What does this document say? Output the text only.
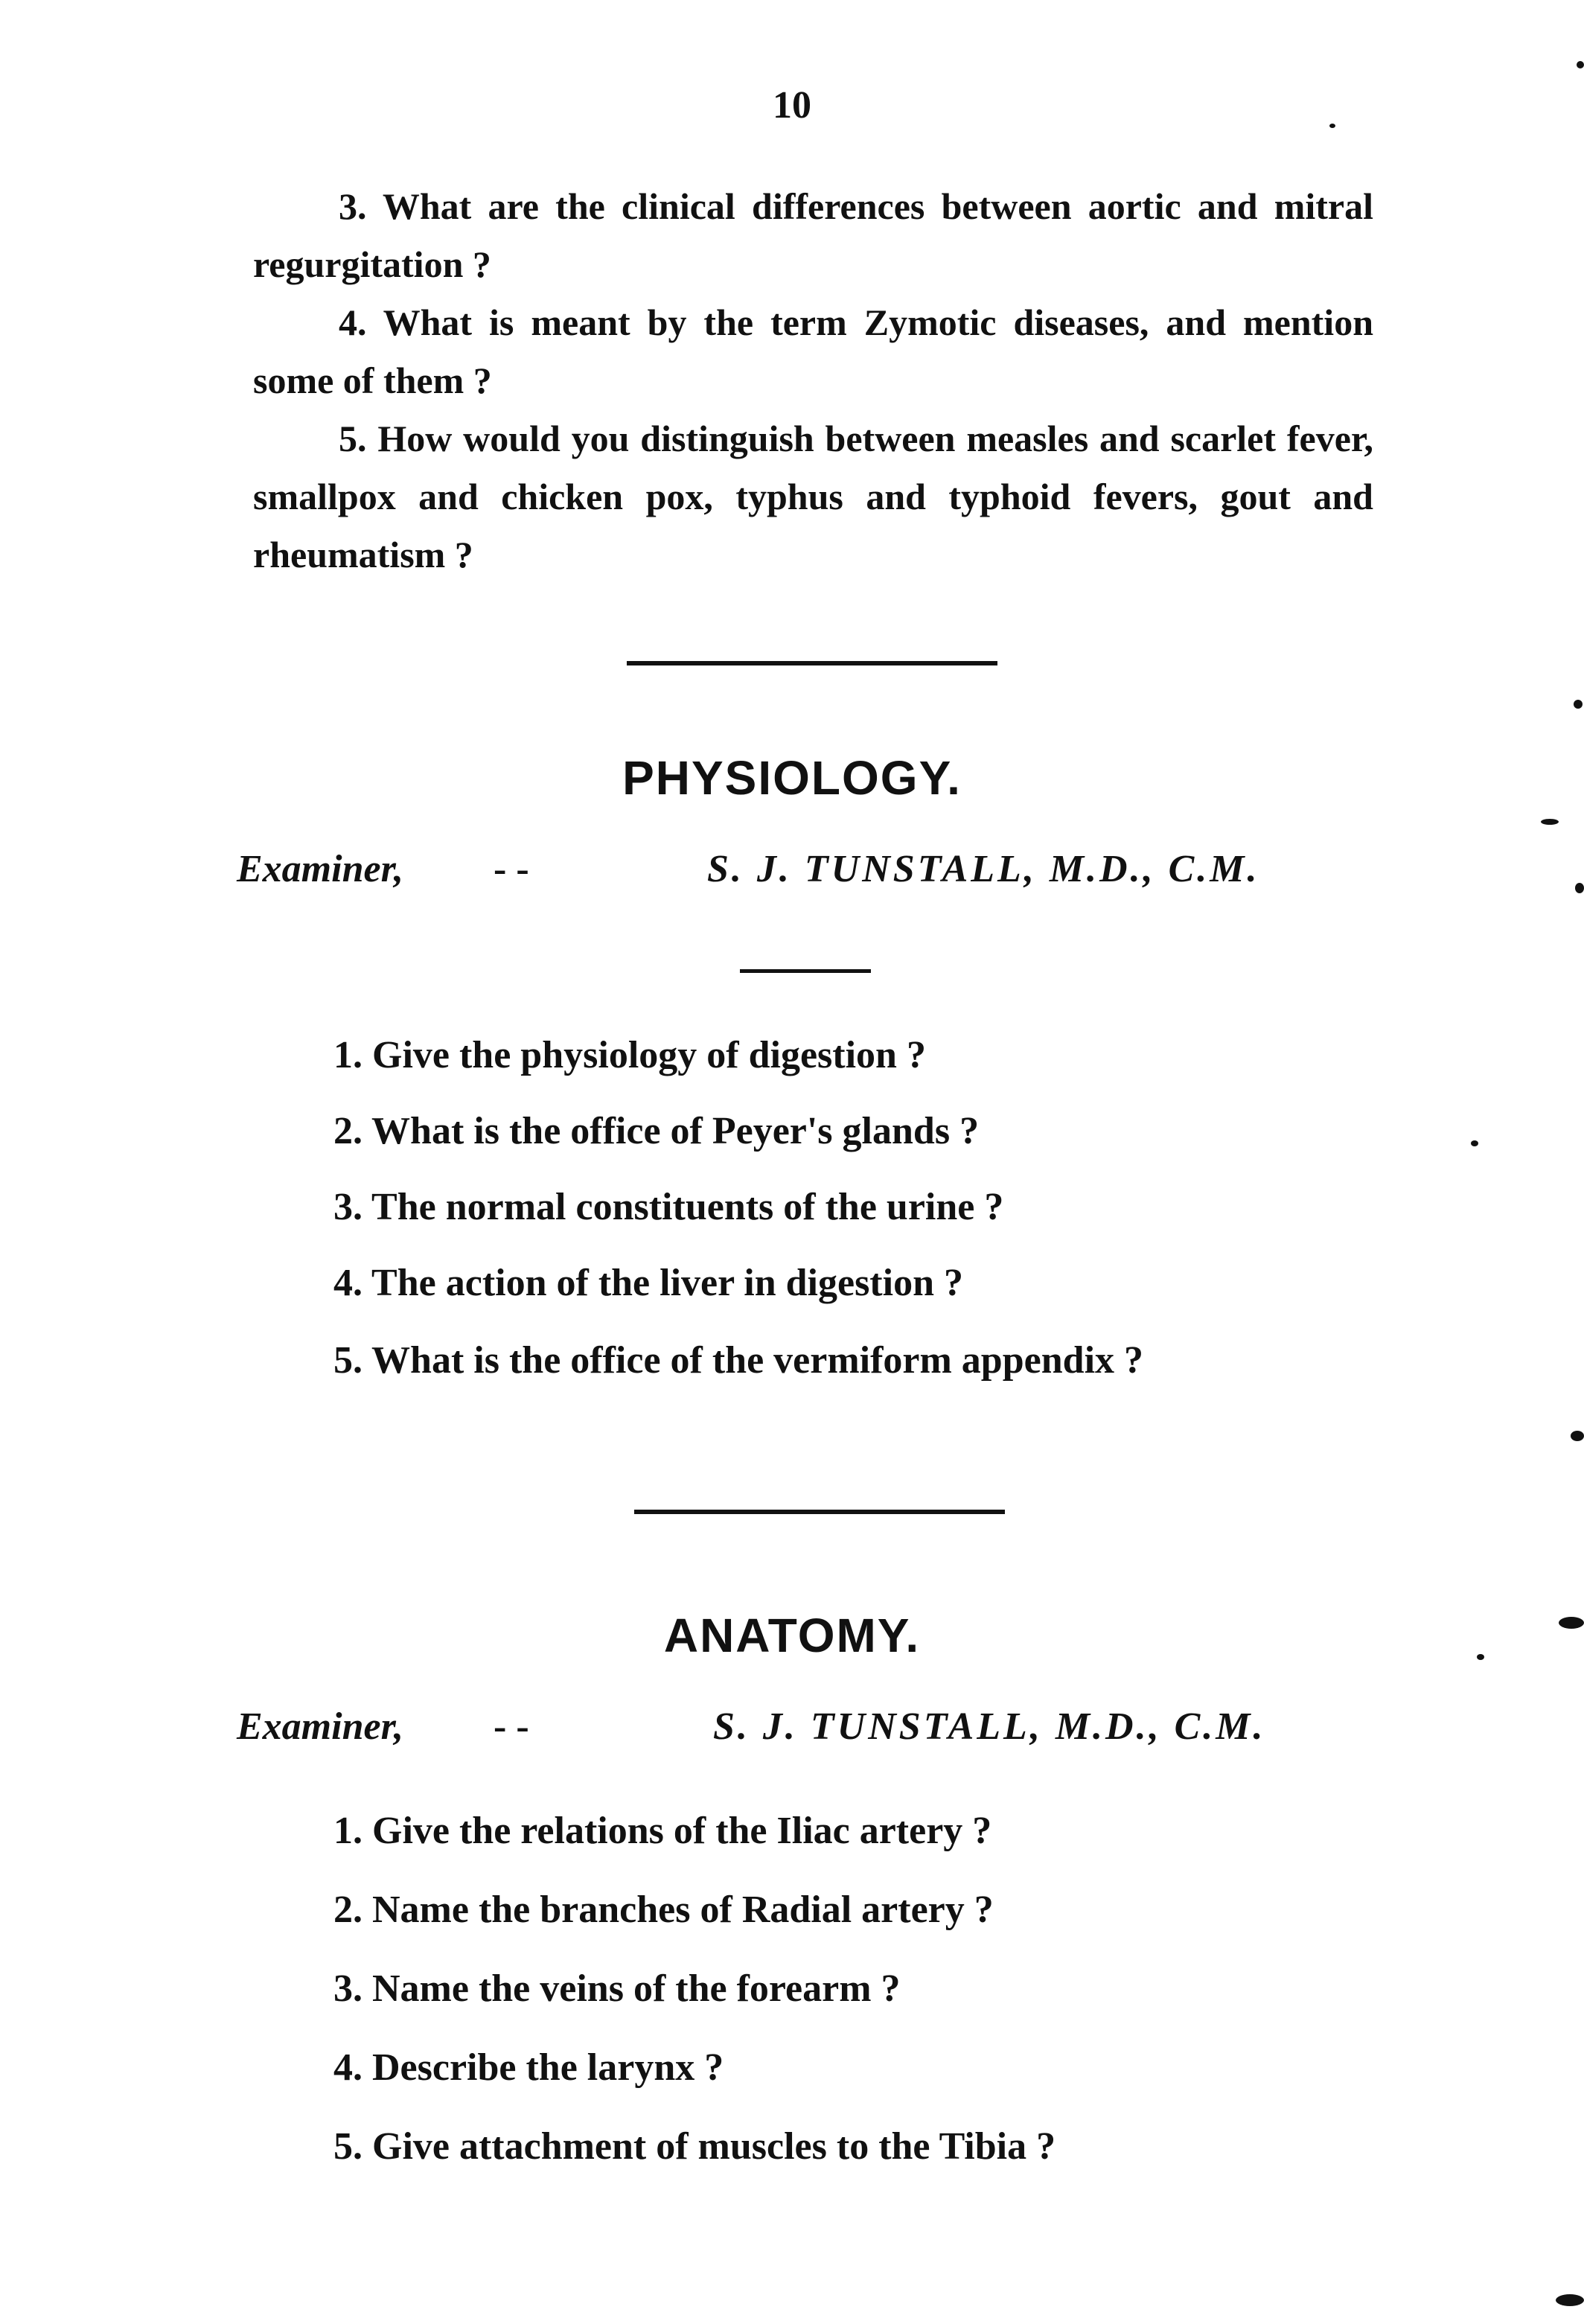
10

3. What are the clinical differences between aortic and mitral regurgitation ?

4. What is meant by the term Zymotic diseases, and mention some of them ?

5. How would you distinguish between measles and scarlet fever, smallpox and chicken pox, typhus and typhoid fevers, gout and rheumatism ?

PHYSIOLOGY.
Examiner, - -	S. J. TUNSTALL, M.D., C.M.
1. Give the physiology of digestion ?
2. What is the office of Peyer's glands ?
3. The normal constituents of the urine ?
4. The action of the liver in digestion ?
5. What is the office of the vermiform appendix ?
ANATOMY.
Examiner, - -	S. J. TUNSTALL, M.D., C.M.
1. Give the relations of the Iliac artery ?
2. Name the branches of Radial artery ?
3. Name the veins of the forearm ?
4. Describe the larynx ?
5. Give attachment of muscles to the Tibia ?
